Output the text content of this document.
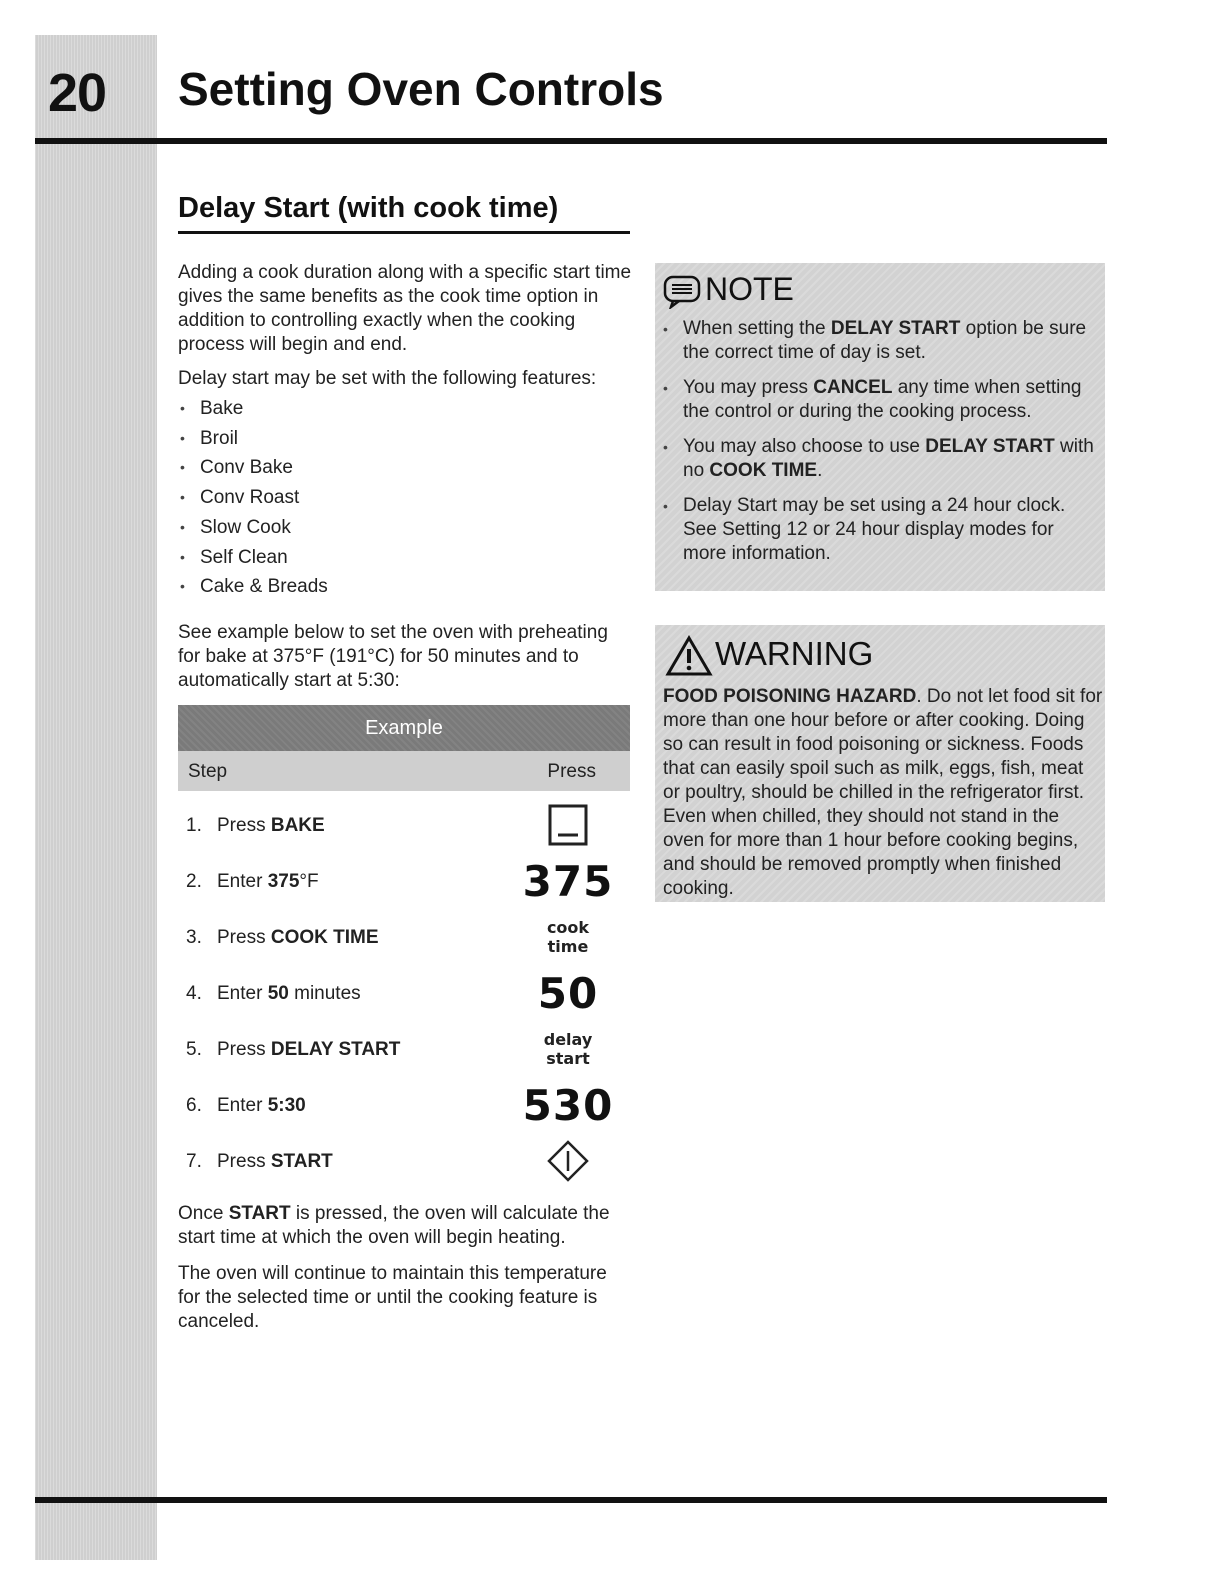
20 Setting Oven Controls
Delay Start (with cook time)

Adding a cook duration along with a specific start time gives the same benefits as the cook time option in addition to controlling exactly when the cooking process will begin and end.

Delay start may be set with the following features:

• Bake
• Broil
• Conv Bake
• Conv Roast
• Slow Cook
• Self Clean
• Cake & Breads

See example below to set the oven with preheating for bake at 375°F (191°C) for 50 minutes and to automatically start at 5:30:

Example
Step	Press
1. Press BAKE
2. Enter 375°F	375
3. Press COOK TIME	cook
time
4. Enter 50 minutes	50
5. Press DELAY START	delay
start
6. Enter 5:30	530
7. Press START

Once START is pressed, the oven will calculate the start time at which the oven will begin heating.

The oven will continue to maintain this temperature for the selected time or until the cooking feature is canceled.

NOTE
• When setting the DELAY START option be sure the correct time of day is set.
• You may press CANCEL any time when setting the control or during the cooking process.
• You may also choose to use DELAY START with no COOK TIME.
• Delay Start may be set using a 24 hour clock. See Setting 12 or 24 hour display modes for more information.
WARNING

FOOD POISONING HAZARD. Do not let food sit for more than one hour before or after cooking. Doing so can result in food poisoning or sickness. Foods that can easily spoil such as milk, eggs, fish, meat or poultry, should be chilled in the refrigerator first. Even when chilled, they should not stand in the oven for more than 1 hour before cooking begins, and should be removed promptly when finished cooking.
